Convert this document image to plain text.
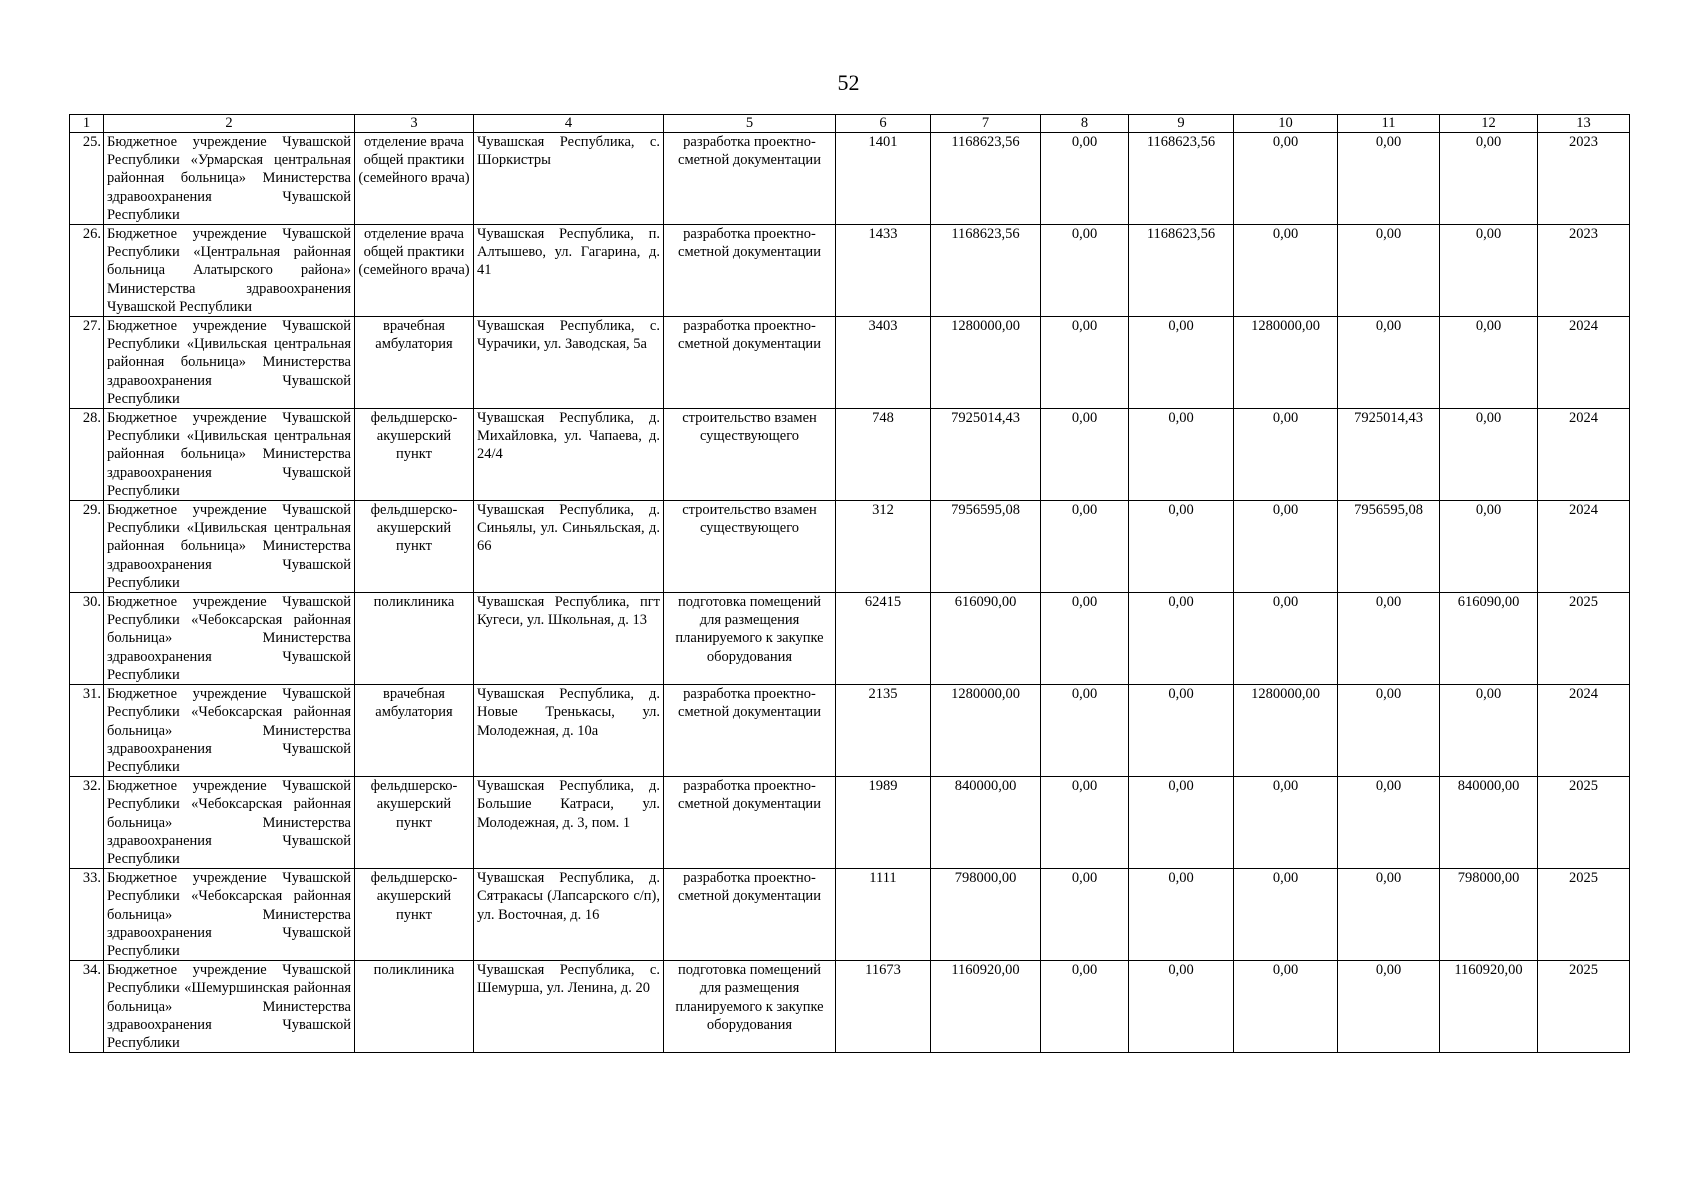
52
1	2	3	4	5	6	7	8	9	10	11	12	13
25.	Бюджетное учреждение Чувашской Республики «Урмарская центральная районная больница» Министерства здравоохранения Чувашской Республики	отделение врача общей практики (семейного врача)	Чувашская Республика, с. Шоркистры	разработка проектно-сметной документации	1401	1168623,56	0,00	1168623,56	0,00	0,00	0,00	2023
26.	Бюджетное учреждение Чувашской Республики «Центральная районная больница Алатырского района» Министерства здравоохранения Чувашской Республики	отделение врача общей практики (семейного врача)	Чувашская Республика, п. Алтышево, ул. Гагарина, д. 41	разработка проектно-сметной документации	1433	1168623,56	0,00	1168623,56	0,00	0,00	0,00	2023
27.	Бюджетное учреждение Чувашской Республики «Цивильская центральная районная больница» Министерства здравоохранения Чувашской Республики	врачебная амбулатория	Чувашская Республика, с. Чурачики, ул. Заводская, 5а	разработка проектно-сметной документации	3403	1280000,00	0,00	0,00	1280000,00	0,00	0,00	2024
28.	Бюджетное учреждение Чувашской Республики «Цивильская центральная районная больница» Министерства здравоохранения Чувашской Республики	фельдшерско-акушерский пункт	Чувашская Республика, д. Михайловка, ул. Чапаева, д. 24/4	строительство взамен существующего	748	7925014,43	0,00	0,00	0,00	7925014,43	0,00	2024
29.	Бюджетное учреждение Чувашской Республики «Цивильская центральная районная больница» Министерства здравоохранения Чувашской Республики	фельдшерско-акушерский пункт	Чувашская Республика, д. Синьялы, ул. Синьяльская, д. 66	строительство взамен существующего	312	7956595,08	0,00	0,00	0,00	7956595,08	0,00	2024
30.	Бюджетное учреждение Чувашской Республики «Чебоксарская районная больница» Министерства здравоохранения Чувашской Республики	поликлиника	Чувашская Республика, пгт Кугеси, ул. Школьная, д. 13	подготовка помещений для размещения планируемого к закупке оборудования	62415	616090,00	0,00	0,00	0,00	0,00	616090,00	2025
31.	Бюджетное учреждение Чувашской Республики «Чебоксарская районная больница» Министерства здравоохранения Чувашской Республики	врачебная амбулатория	Чувашская Республика, д. Новые Тренькасы, ул. Молодежная, д. 10а	разработка проектно-сметной документации	2135	1280000,00	0,00	0,00	1280000,00	0,00	0,00	2024
32.	Бюджетное учреждение Чувашской Республики «Чебоксарская районная больница» Министерства здравоохранения Чувашской Республики	фельдшерско-акушерский пункт	Чувашская Республика, д. Большие Катраси, ул. Молодежная, д. 3, пом. 1	разработка проектно-сметной документации	1989	840000,00	0,00	0,00	0,00	0,00	840000,00	2025
33.	Бюджетное учреждение Чувашской Республики «Чебоксарская районная больница» Министерства здравоохранения Чувашской Республики	фельдшерско-акушерский пункт	Чувашская Республика, д. Сятракасы (Лапсарского с/п), ул. Восточная, д. 16	разработка проектно-сметной документации	1111	798000,00	0,00	0,00	0,00	0,00	798000,00	2025
34.	Бюджетное учреждение Чувашской Республики «Шемуршинская районная больница» Министерства здравоохранения Чувашской Республики	поликлиника	Чувашская Республика, с. Шемурша, ул. Ленина, д. 20	подготовка помещений для размещения планируемого к закупке оборудования	11673	1160920,00	0,00	0,00	0,00	0,00	1160920,00	2025
